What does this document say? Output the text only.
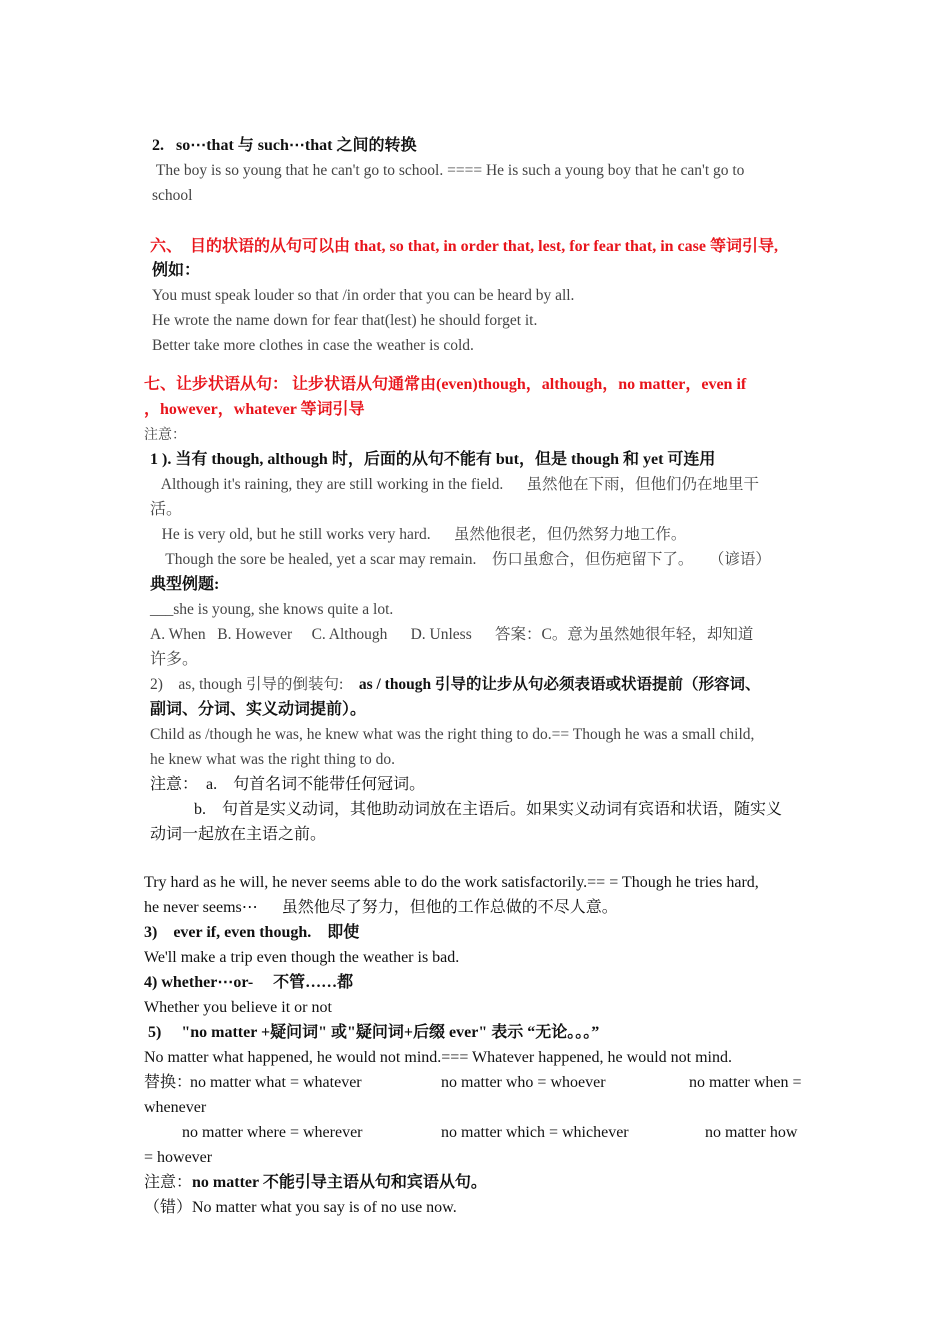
2.   so⋯that 与 such⋯that 之间的转换
The boy is so young that he can't go to school. ==== He is such a young boy that he can't go to
school
六、  目的状语的从句可以由 that, so that, in order that, lest, for fear that, in case 等词引导,
例如：
You must speak louder so that /in order that you can be heard by all.
He wrote the name down for fear that(lest) he should forget it.
Better take more clothes in case the weather is cold.
七、让步状语从句： 让步状语从句通常由(even)though，although，no matter，even if
，however，whatever 等词引导
注意：
1 ). 当有 though, although 时，后面的从句不能有 but，但是 though 和 yet 可连用
Although it's raining, they are still working in the field.      虽然他在下雨，但他们仍在地里干
活。
He is very old, but he still works very hard.      虽然他很老，但仍然努力地工作。
Though the sore be healed, yet a scar may remain.    伤口虽愈合，但伤疤留下了。    （谚语）
典型例题:
___she is young, she knows quite a lot.
A. When   B. However     C. Although      D. Unless      答案：C。意为虽然她很年轻，却知道
许多。
2)    as, though 引导的倒装句:    as / though 引导的让步从句必须表语或状语提前（形容词、
副词、分词、实义动词提前）。
Child as /though he was, he knew what was the right thing to do.== Though he was a small child,
he knew what was the right thing to do.
注意：  a.    句首名词不能带任何冠词。
b.    句首是实义动词，其他助动词放在主语后。如果实义动词有宾语和状语，随实义
动词一起放在主语之前。
Try hard as he will, he never seems able to do the work satisfactorily.== = Though he tries hard,
he never seems⋯      虽然他尽了努力，但他的工作总做的不尽人意。
3)    ever if, even though.    即使
We'll make a trip even though the weather is bad.
4) whether⋯or-     不管……都
Whether you believe it or not
5)     "no matter +疑问词" 或"疑问词+后缀 ever" 表示 “无论。。。”
No matter what happened, he would not mind.=== Whatever happened, he would not mind.
替换：
no matter what = whatever	no matter who = whoever	no matter when =
whenever
no matter where = wherever	no matter which = whichever	no matter how
= however
注意：no matter 不能引导主语从句和宾语从句。
（错）No matter what you say is of no use now.
